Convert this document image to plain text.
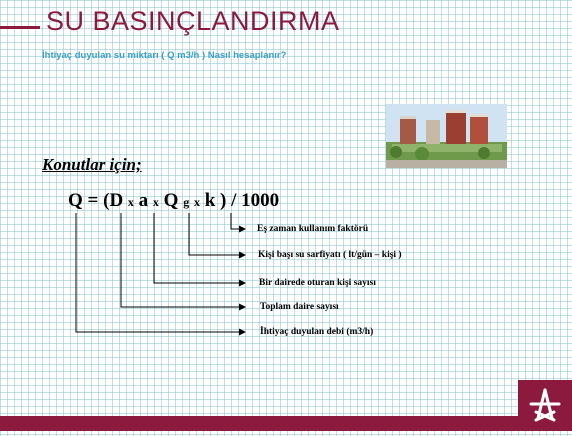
SU BASINÇLANDIRMA
İhtiyaç duyulan su miktarı ( Q m3/h ) Nasıl hesaplanır?
Konutlar için;
Q = (D x a x Q g x k ) / 1000
Eş zaman kullanım faktörü
Kişi başı su sarfiyatı ( lt/gün – kişi )
Bir dairede oturan kişi sayısı
Toplam daire sayısı
İhtiyaç duyulan debi (m3/h)
